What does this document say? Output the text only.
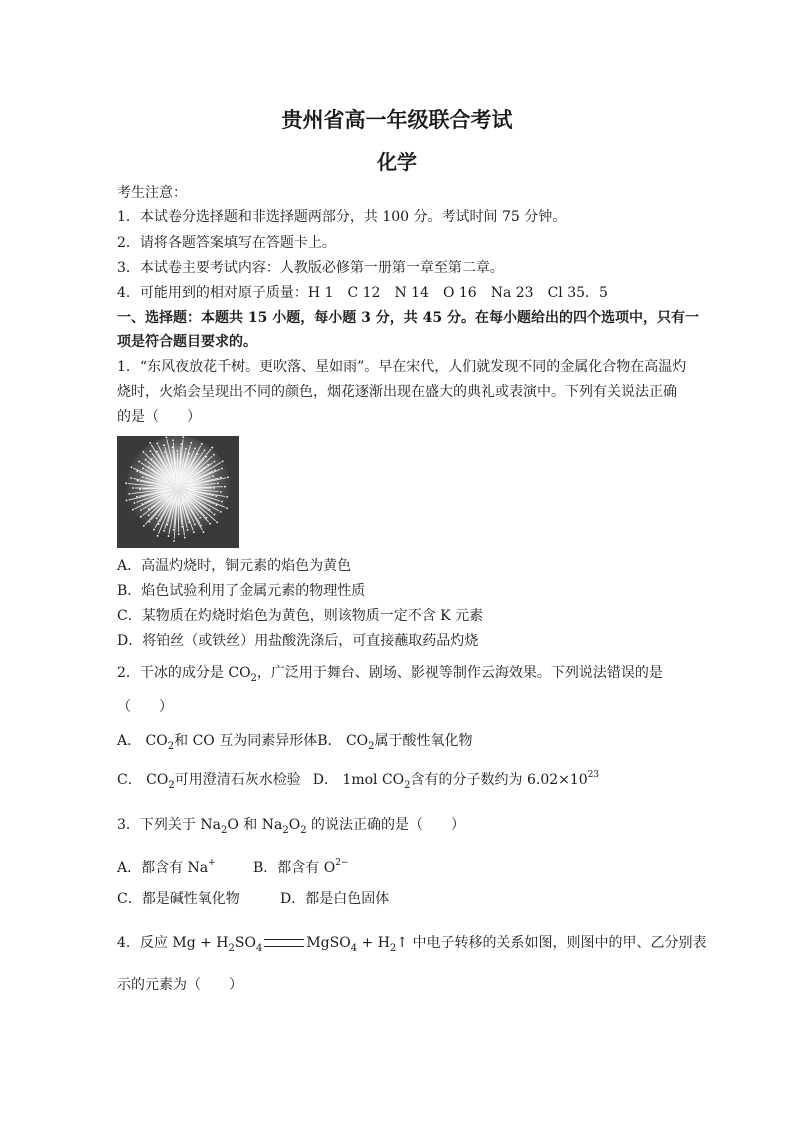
贵州省高一年级联合考试
化学
考生注意：
1．本试卷分选择题和非选择题两部分，共 100 分。考试时间 75 分钟。
2．请将各题答案填写在答题卡上。
3．本试卷主要考试内容：人教版必修第一册第一章至第二章。
4．可能用到的相对原子质量：H 1　C 12　N 14　O 16　Na 23　Cl 35．5
一、选择题：本题共 15 小题，每小题 3 分，共 45 分。在每小题给出的四个选项中，只有一
项是符合题目要求的。
1．“东风夜放花千树。更吹落、星如雨”。早在宋代，人们就发现不同的金属化合物在高温灼
烧时，火焰会呈现出不同的颜色，烟花逐渐出现在盛大的典礼或表演中。下列有关说法正确
的是（　　）
A．高温灼烧时，铜元素的焰色为黄色
B．焰色试验利用了金属元素的物理性质
C．某物质在灼烧时焰色为黄色，则该物质一定不含 K 元素
D．将铂丝（或铁丝）用盐酸洗涤后，可直接蘸取药品灼烧
2．干冰的成分是 $CO_2$，广泛用于舞台、剧场、影视等制作云海效果。下列说法错误的是
（　　）
A． $CO_2$和 CO 互为同素异形体B． $CO_2$属于酸性氧化物
C． $CO_2$可用澄清石灰水检验 D． 1mol $CO_2$含有的分子数约为 $6.02\times 10^{23}$
3．下列关于 $Na_2O$ 和 $Na_2O_2$ 的说法正确的是（　　）
A．都含有 Na+	B．都含有 $O^{2-}$
C．都是碱性氧化物	D．都是白色固体
4．反应 $Mg + H_2SO_4$	MgSO$_4$ + $H_2↑$ 中电子转移的关系如图，则图中的甲、乙分别表
示的元素为（　　）
